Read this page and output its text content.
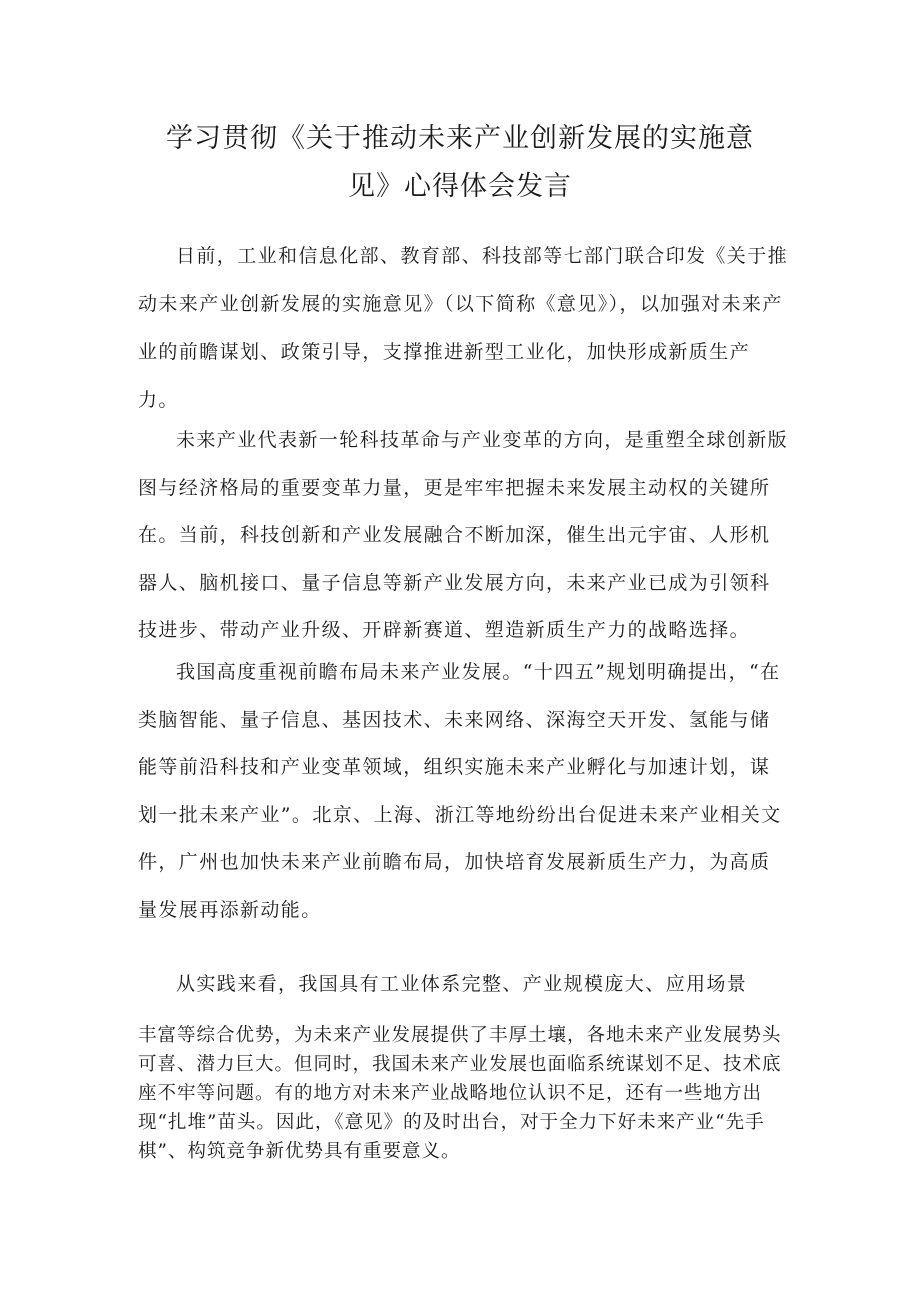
学习贯彻《关于推动未来产业创新发展的实施意
见》心得体会发言

日前，工业和信息化部、教育部、科技部等七部门联合印发《关于推动未来产业创新发展的实施意见》（以下简称《意见》），以加强对未来产业的前瞻谋划、政策引导，支撑推进新型工业化，加快形成新质生产力。

未来产业代表新一轮科技革命与产业变革的方向，是重塑全球创新版图与经济格局的重要变革力量，更是牢牢把握未来发展主动权的关键所在。当前，科技创新和产业发展融合不断加深，催生出元宇宙、人形机器人、脑机接口、量子信息等新产业发展方向，未来产业已成为引领科技进步、带动产业升级、开辟新赛道、塑造新质生产力的战略选择。

我国高度重视前瞻布局未来产业发展。“十四五”规划明确提出，“在类脑智能、量子信息、基因技术、未来网络、深海空天开发、氢能与储能等前沿科技和产业变革领域，组织实施未来产业孵化与加速计划，谋划一批未来产业”。北京、上海、浙江等地纷纷出台促进未来产业相关文件，广州也加快未来产业前瞻布局，加快培育发展新质生产力，为高质量发展再添新动能。

从实践来看，我国具有工业体系完整、产业规模庞大、应用场景

丰富等综合优势，为未来产业发展提供了丰厚土壤，各地未来产业发展势头可喜、潜力巨大。但同时，我国未来产业发展也面临系统谋划不足、技术底座不牢等问题。有的地方对未来产业战略地位认识不足，还有一些地方出现“扎堆”苗头。因此，《意见》的及时出台，对于全力下好未来产业“先手棋”、构筑竞争新优势具有重要意义。
